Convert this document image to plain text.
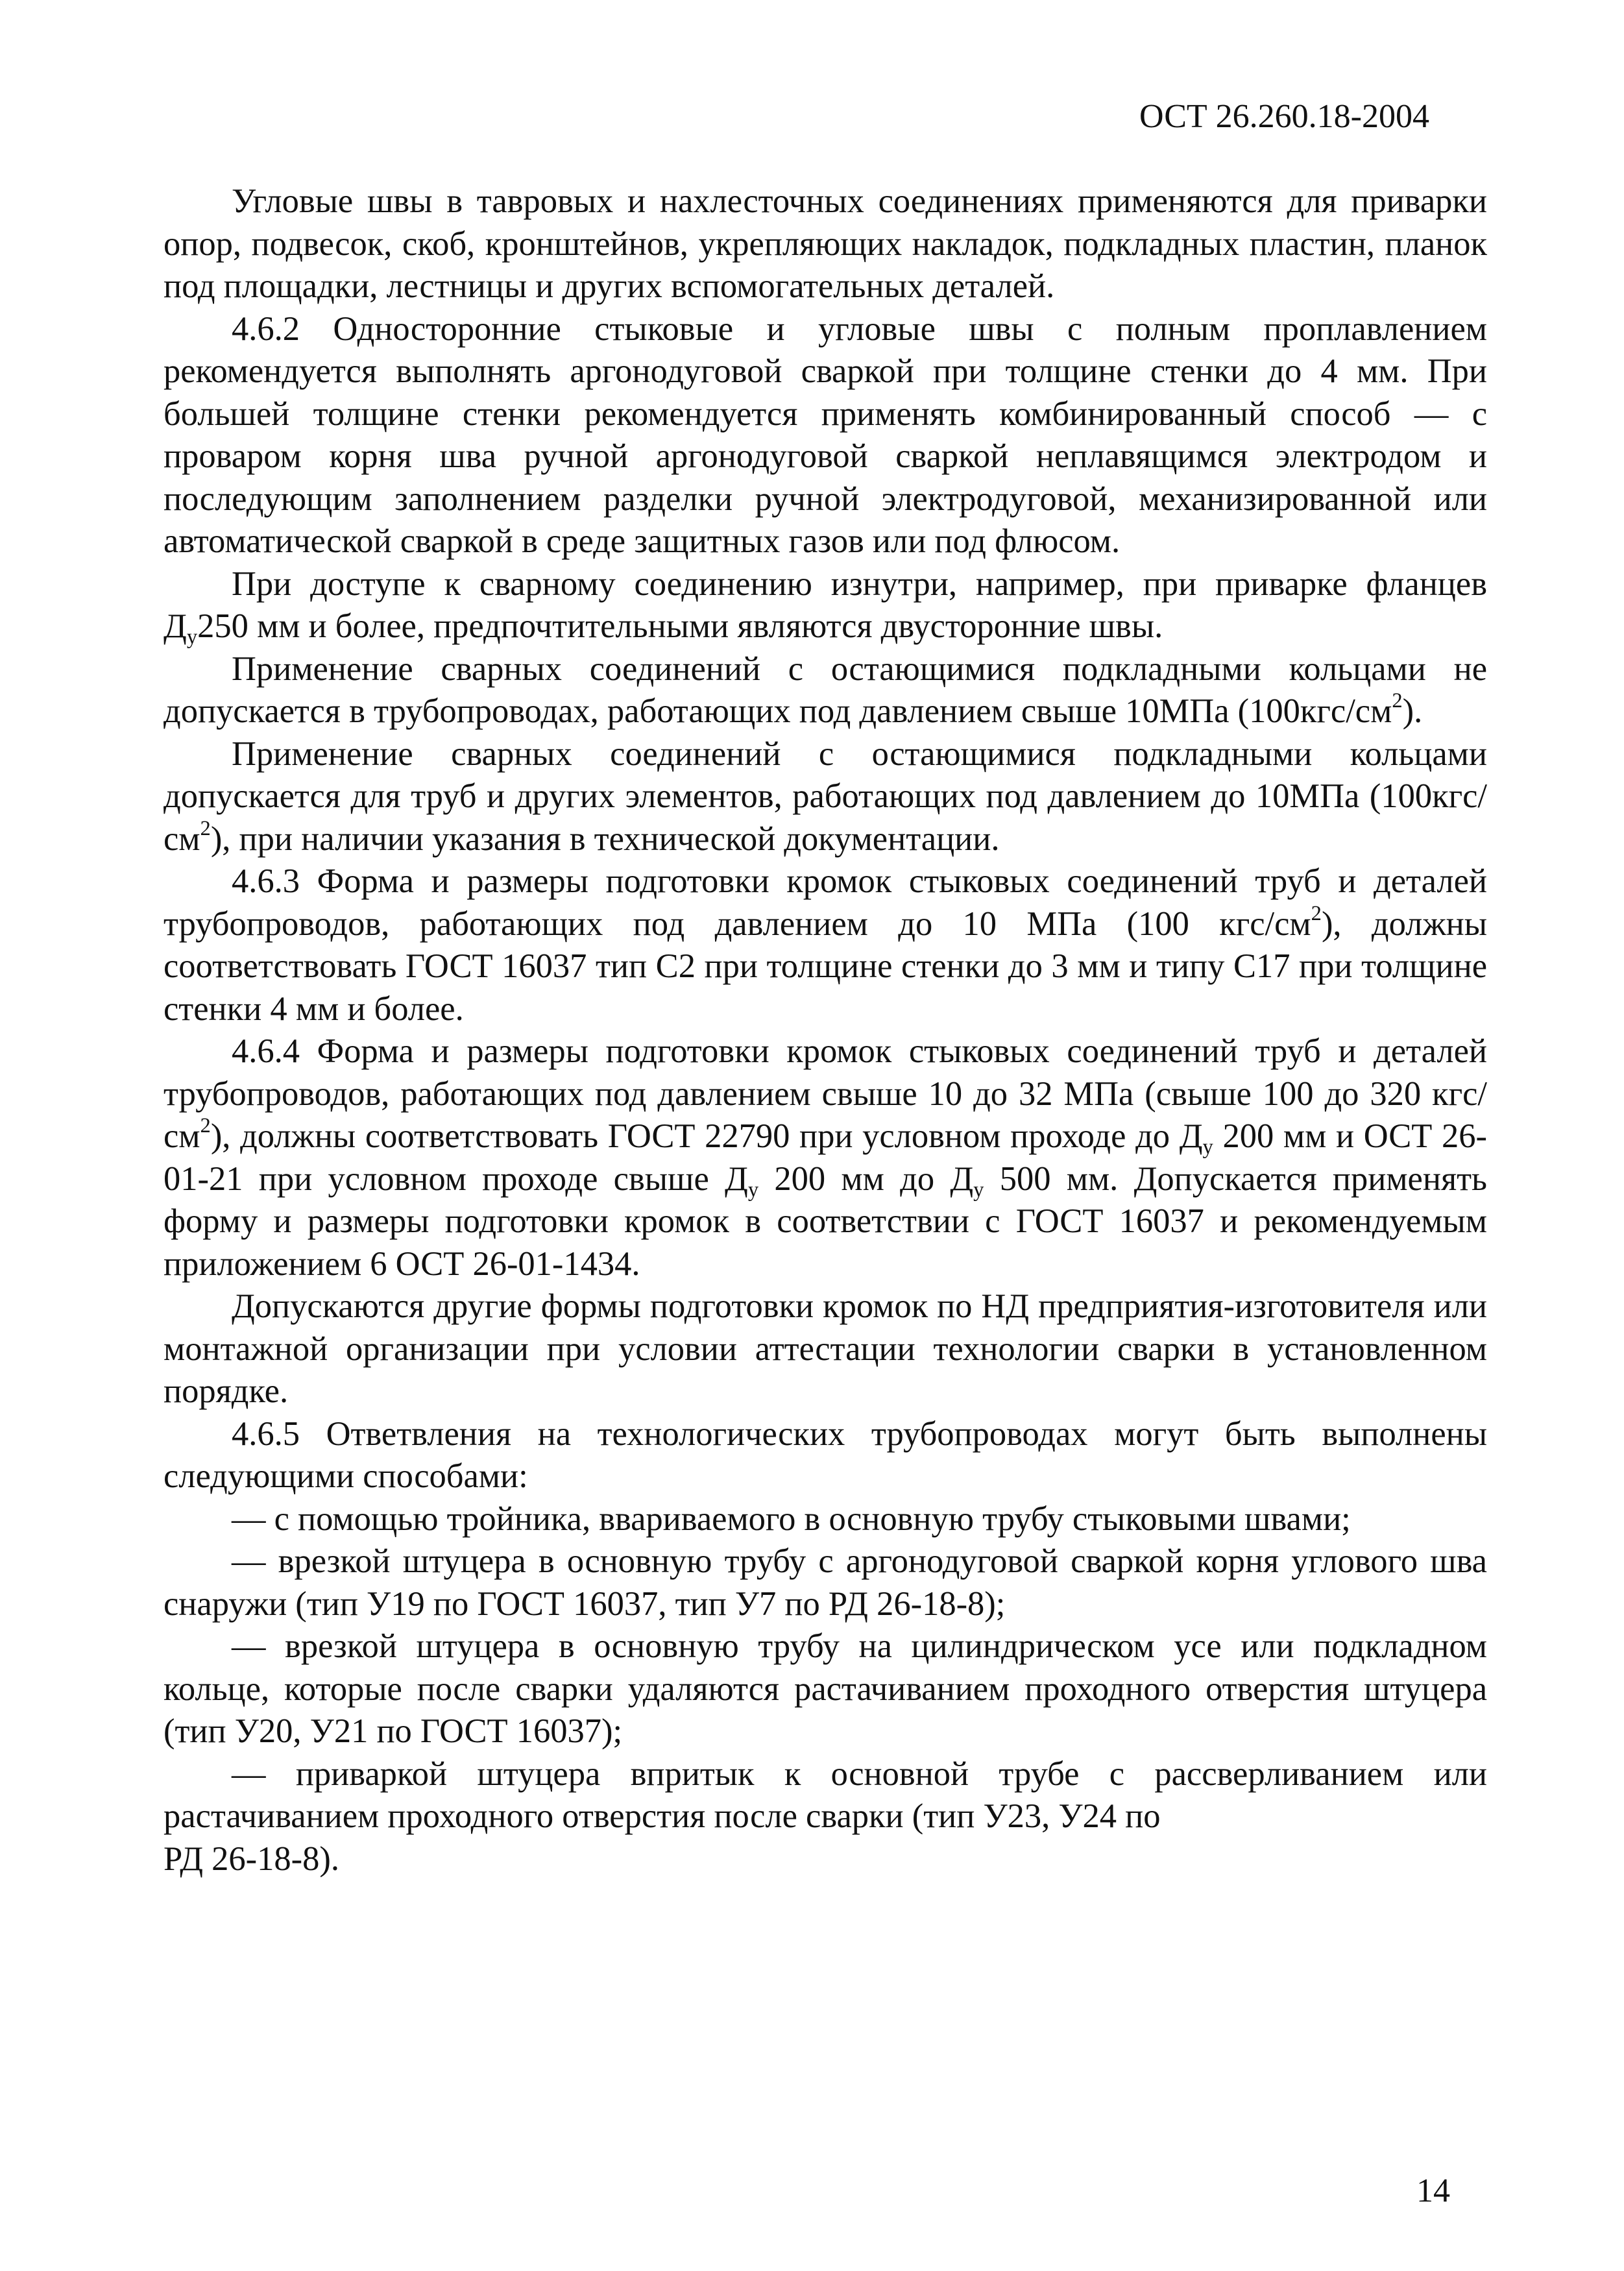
ОСТ 26.260.18-2004

Угловые швы в тавровых и нахлесточных соединениях применяются для приварки опор, подвесок, скоб, кронштейнов, укрепляющих накладок, подкладных пластин, планок под площадки, лестницы и других вспомогательных деталей.

4.6.2 Односторонние стыковые и угловые швы с полным проплавлением рекомендуется выполнять аргонодуговой сваркой при толщине стенки до 4 мм. При большей толщине стенки рекомендуется применять комбинированный способ — с проваром корня шва ручной аргонодуговой сваркой неплавящимся электродом и последующим заполнением разделки ручной электродуговой, механизированной или автоматической сваркой в среде защитных газов или под флюсом.

При доступе к сварному соединению изнутри, например, при приварке фланцев $Д_у250$ мм и более, предпочтительными являются двусторонние швы.

Применение сварных соединений с остающимися подкладными кольцами не допускается в трубопроводах, работающих под давлением свыше 10МПа $(100кгс/см^2)$.

Применение сварных соединений с остающимися подкладными кольцами допускается для труб и других элементов, работающих под давлением до 10МПа $(100кгс/см^2)$, при наличии указания в технической документации.

4.6.3 Форма и размеры подготовки кромок стыковых соединений труб и деталей трубопроводов, работающих под давлением до 10 МПа (100 кгс/$см^2$), должны соответствовать ГОСТ 16037 тип С2 при толщине стенки до 3 мм и типу С17 при толщине стенки 4 мм и более.

4.6.4 Форма и размеры подготовки кромок стыковых соединений труб и деталей трубопроводов, работающих под давлением свыше 10 до 32 МПа (свыше 100 до 320 кгс/$см^2$), должны соответствовать ГОСТ 22790 при условном проходе до $Д_у$ 200 мм и ОСТ 26-01-21 при условном проходе свыше $Д_у$ 200 мм до $Д_у$ 500 мм. Допускается применять форму и размеры подготовки кромок в соответствии с ГОСТ 16037 и рекомендуемым приложением 6 ОСТ 26-01-1434.

Допускаются другие формы подготовки кромок по НД предприятия-изготовителя или монтажной организации при условии аттестации технологии сварки в установленном порядке.

4.6.5 Ответвления на технологических трубопроводах могут быть выполнены следующими способами:

— с помощью тройника, ввариваемого в основную трубу стыковыми швами;

— врезкой штуцера в основную трубу с аргонодуговой сваркой корня углового шва снаружи (тип У19 по ГОСТ 16037, тип У7 по РД 26-18-8);

— врезкой штуцера в основную трубу на цилиндрическом усе или подкладном кольце, которые после сварки удаляются растачиванием проходного отверстия штуцера (тип У20, У21 по ГОСТ 16037);

— приваркой штуцера впритык к основной трубе с рассверливанием или растачиванием проходного отверстия после сварки (тип У23, У24 по

РД 26-18-8).

14
